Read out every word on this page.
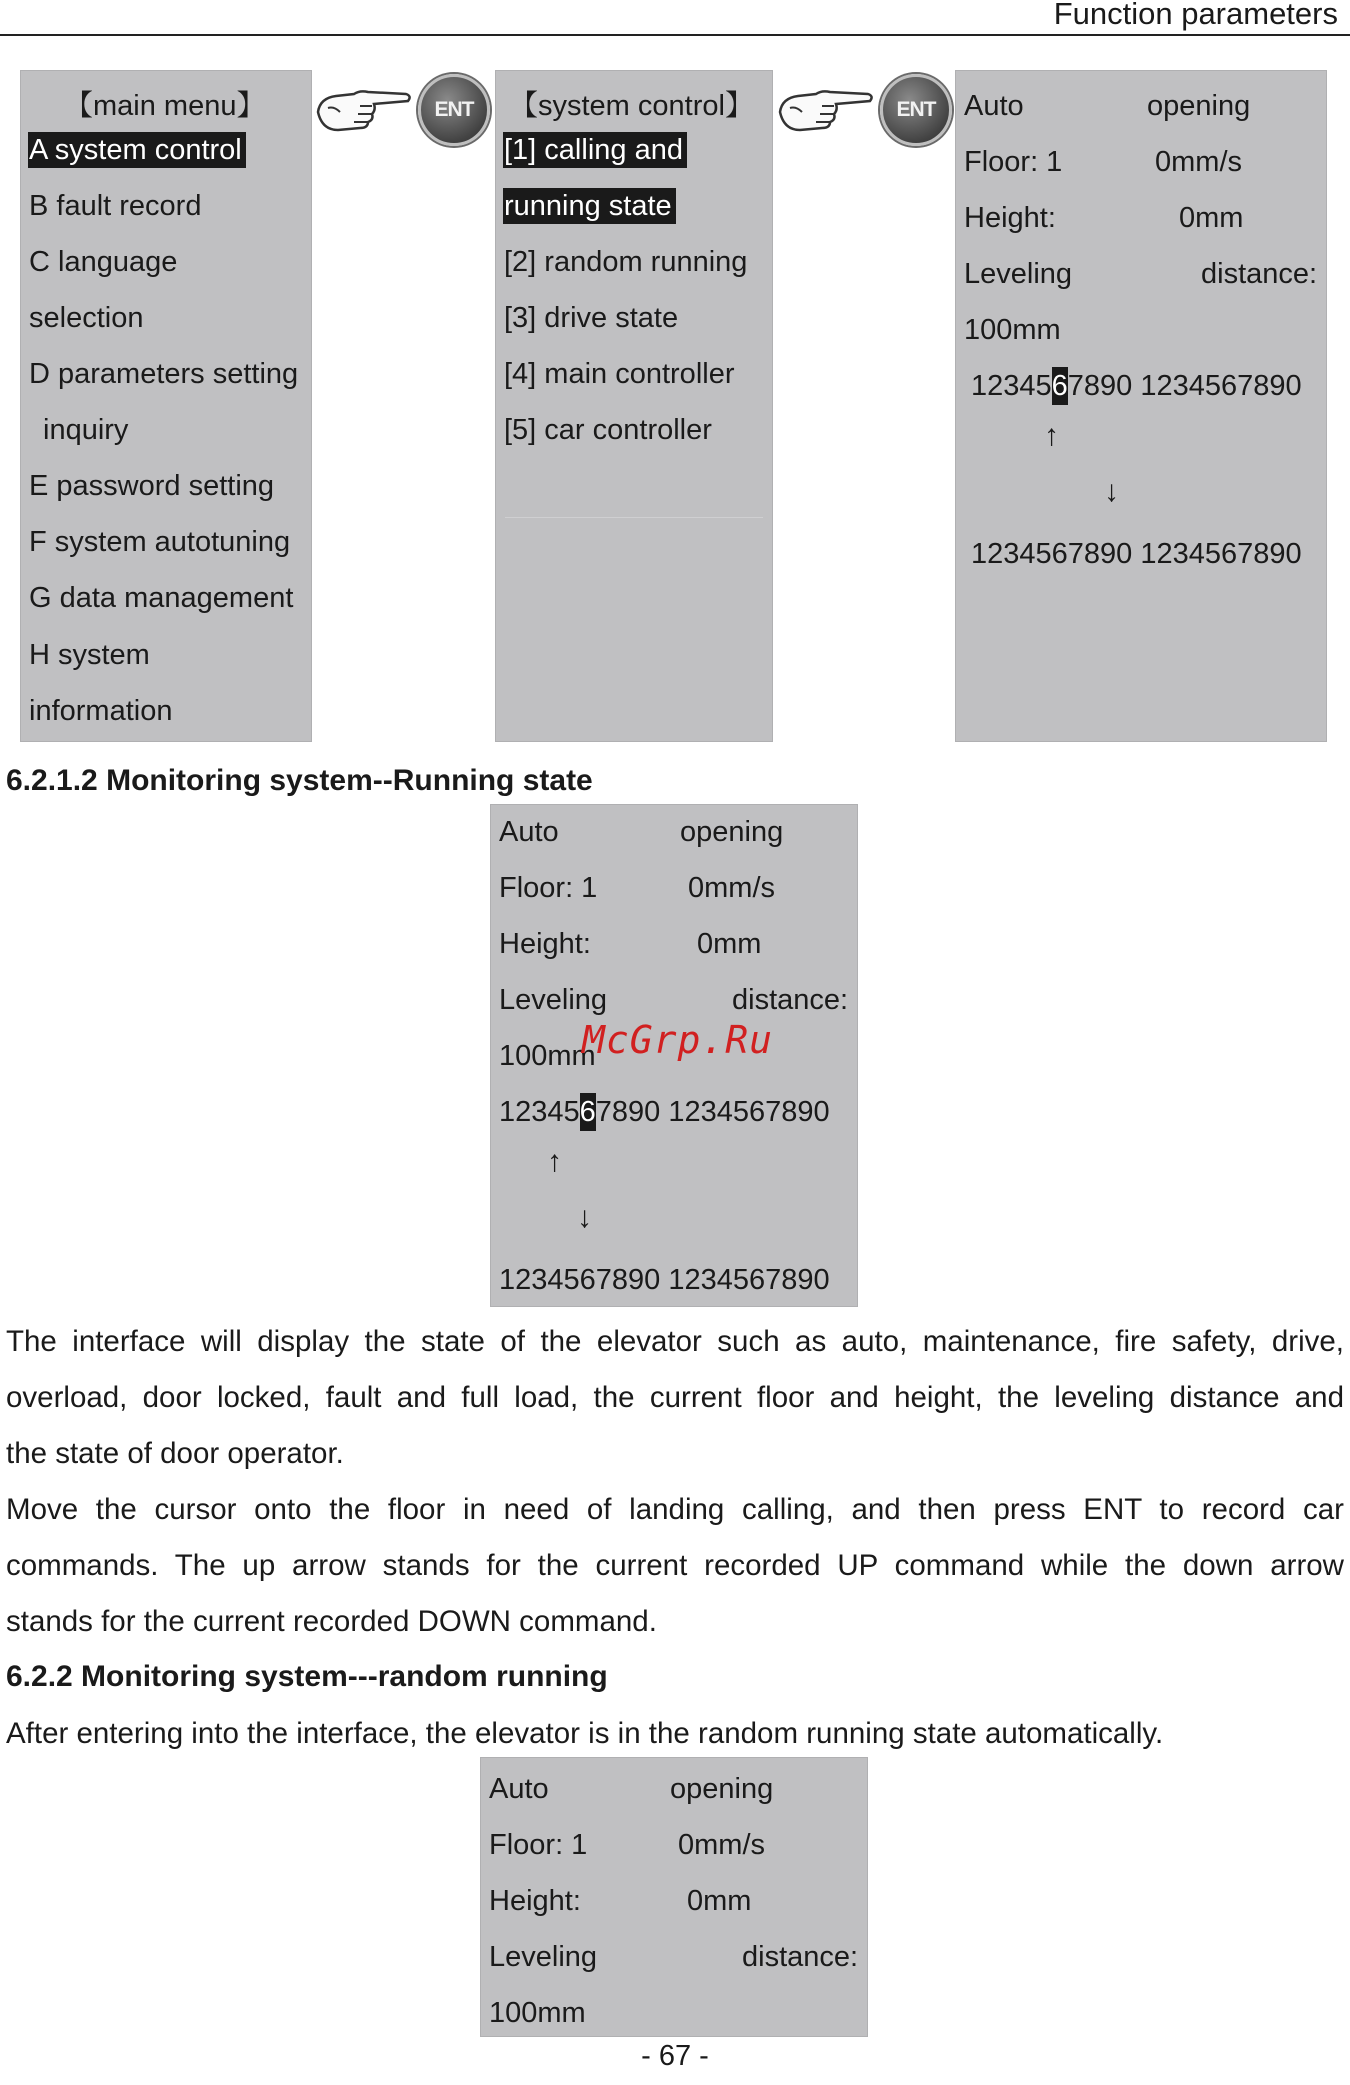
Function parameters
【main menu】
A system control
B fault record
C language
selection
D parameters setting
inquiry
E password setting
F system autotuning
G data management
H system
information
ENT	【system control】
[1] calling and
running state
[2] random running
[3] drive state
[4] main controller
[5] car controller
ENT Auto	opening
Floor: 1	0mm/s
Height:	0mm
Leveling	distance:
100mm
1234567890 1234567890
↑
↓
1234567890 1234567890
6.2.1.2 Monitoring system--Running state
Auto	opening
Floor: 1	0mm/s
Height:	0mm
Leveling	distance:
100mm
1234567890 1234567890
↑
↓
1234567890 1234567890
McGrp.Ru
The interface will display the state of the elevator such as auto, maintenance, fire safety, drive,
overload, door locked, fault and full load, the current floor and height, the leveling distance and
the state of door operator.
Move the cursor onto the floor in need of landing calling, and then press ENT to record car
commands. The up arrow stands for the current recorded UP command while the down arrow
stands for the current recorded DOWN command.
6.2.2 Monitoring system---random running
After entering into the interface, the elevator is in the random running state automatically.
Auto	opening
Floor: 1	0mm/s
Height:	0mm
Leveling	distance:
100mm
- 67 -
